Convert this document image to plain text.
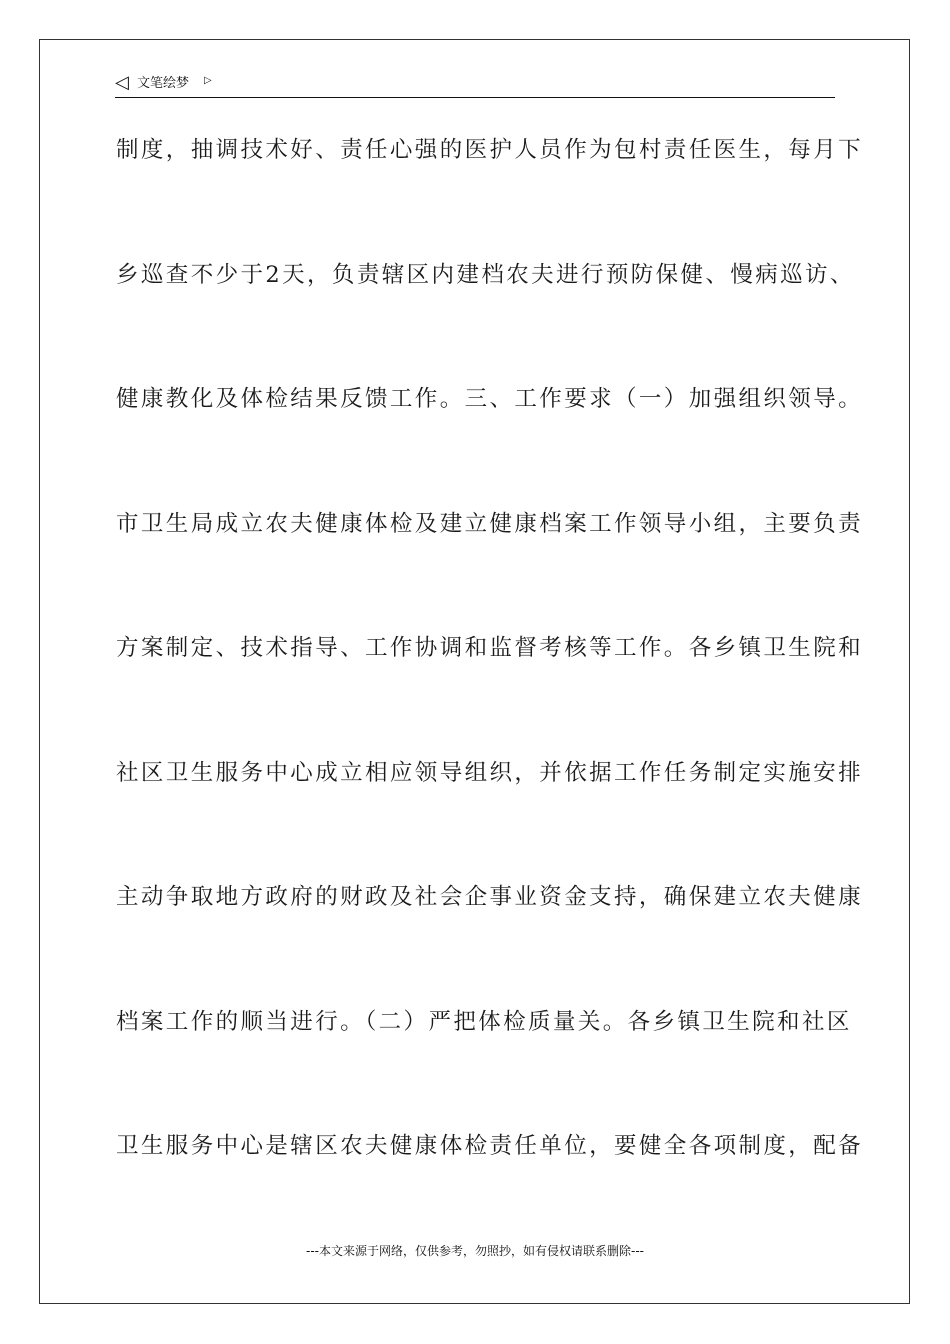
◁ 文笔绘梦 ▷
制度，抽调技术好、责任心强的医护人员作为包村责任医生，每月下
乡巡查不少于2天，负责辖区内建档农夫进行预防保健、慢病巡访、
健康教化及体检结果反馈工作。三、工作要求（一）加强组织领导。
市卫生局成立农夫健康体检及建立健康档案工作领导小组，主要负责
方案制定、技术指导、工作协调和监督考核等工作。各乡镇卫生院和
社区卫生服务中心成立相应领导组织，并依据工作任务制定实施安排
主动争取地方政府的财政及社会企事业资金支持，确保建立农夫健康
档案工作的顺当进行。（二）严把体检质量关。各乡镇卫生院和社区
卫生服务中心是辖区农夫健康体检责任单位，要健全各项制度，配备
---本文来源于网络，仅供参考，勿照抄，如有侵权请联系删除---
